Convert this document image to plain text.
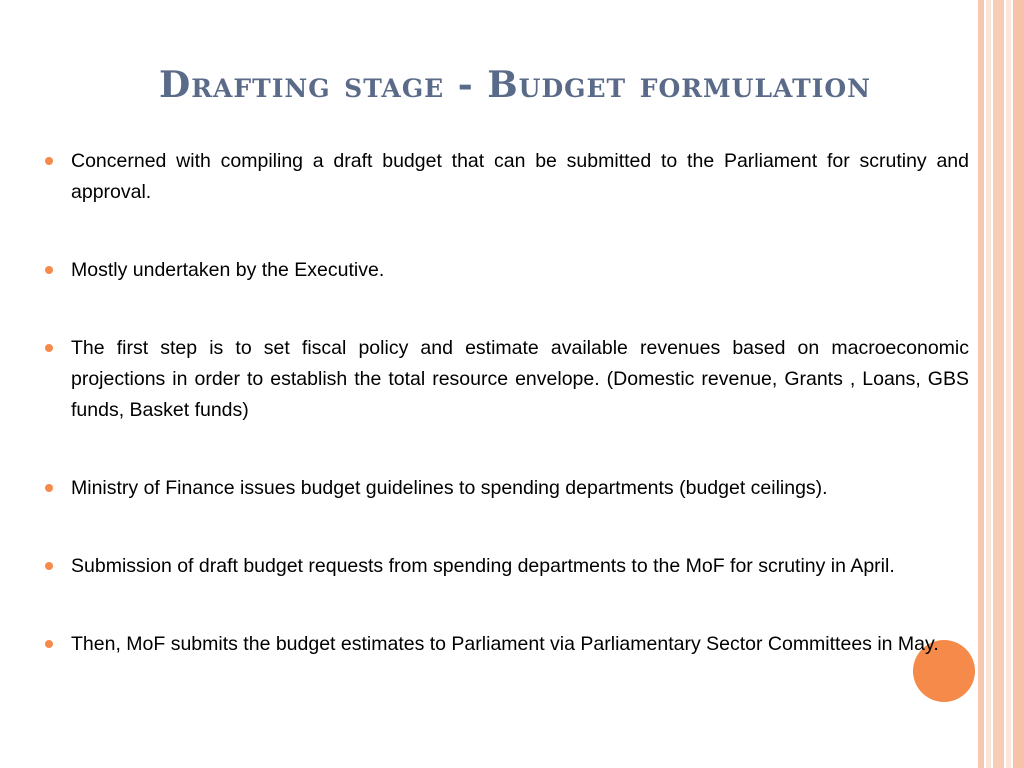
Drafting stage - Budget formulation
Concerned with compiling a draft budget that can be submitted to the Parliament for scrutiny and approval.
Mostly undertaken by the Executive.
The first step is to set fiscal policy and estimate available revenues based on macroeconomic projections in order to establish the total resource envelope. (Domestic revenue, Grants , Loans, GBS funds, Basket funds)
Ministry of Finance issues budget guidelines to spending departments (budget ceilings).
Submission of draft budget requests from spending departments to the MoF for scrutiny in April.
Then, MoF submits the budget estimates to Parliament via Parliamentary Sector Committees in May.
